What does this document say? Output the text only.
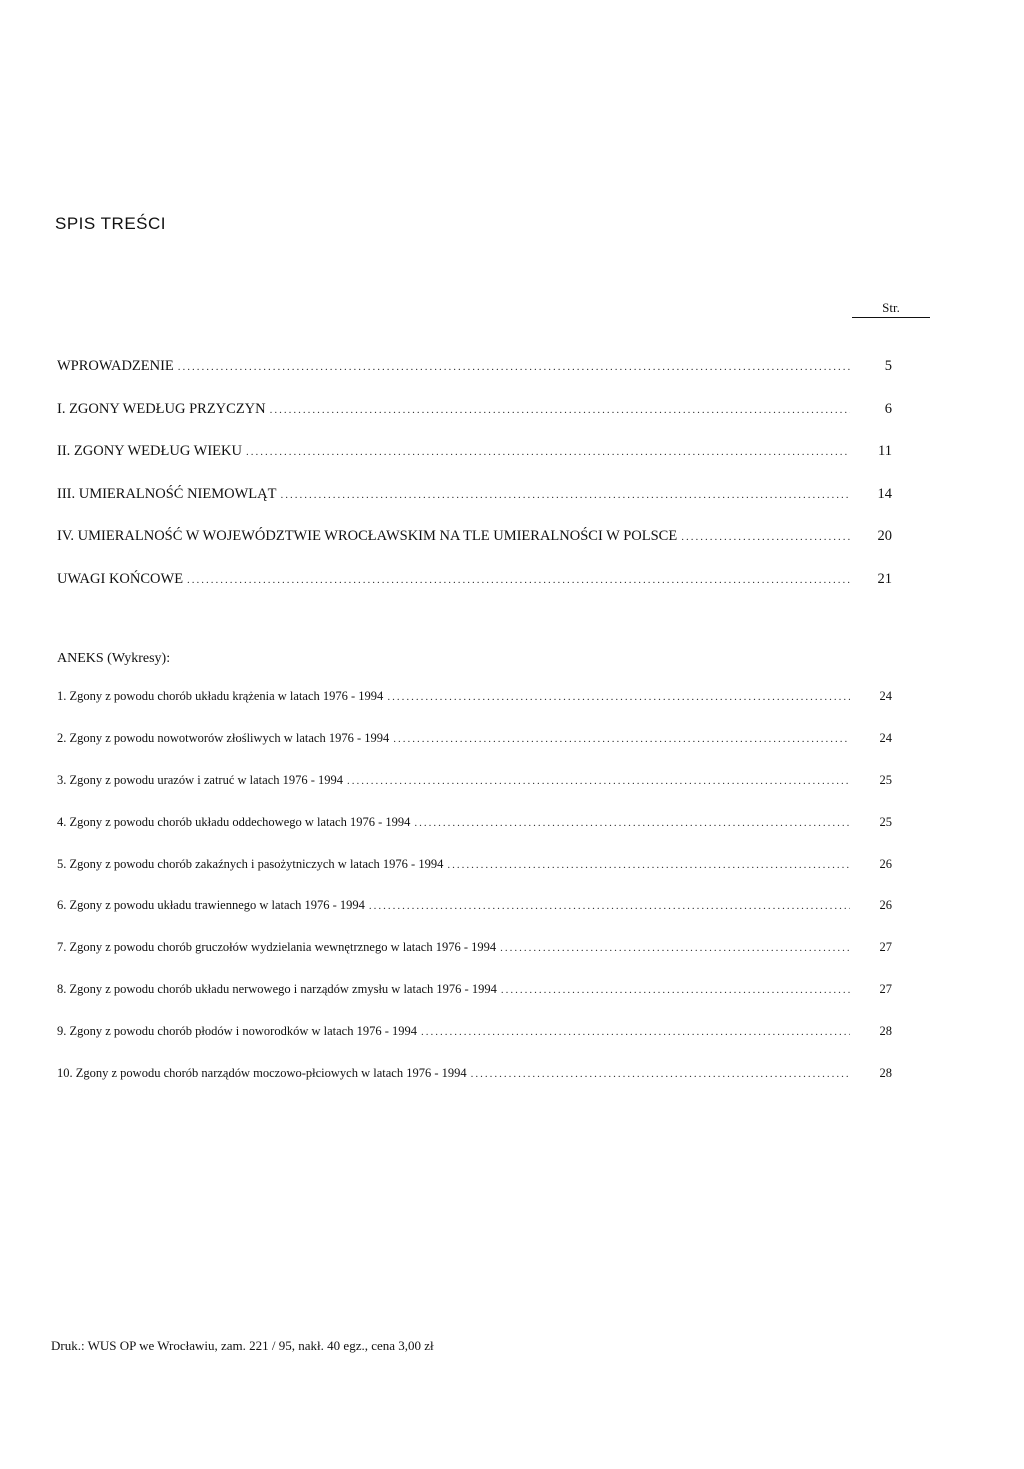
SPIS TREŚCI
Str.
WPROWADZENIE .....	5
I. ZGONY WEDŁUG PRZYCZYN .....	6
II. ZGONY WEDŁUG WIEKU .....	11
III. UMIERALNOŚĆ NIEMOWLĄT .....	14
IV. UMIERALNOŚĆ W WOJEWÓDZTWIE WROCŁAWSKIM NA TLE UMIERALNOŚCI W POLSCE .....	20
UWAGI KOŃCOWE .....	21
ANEKS (Wykresy):
1. Zgony z powodu chorób układu krążenia w latach 1976 - 1994 .....	24
2. Zgony z powodu nowotworów złośliwych w latach 1976 - 1994 .....	24
3. Zgony z powodu urazów i zatruć w latach 1976 - 1994 .....	25
4. Zgony z powodu chorób układu oddechowego w latach 1976 - 1994 .....	25
5. Zgony z powodu chorób zakaźnych i pasożytniczych w latach 1976 - 1994 .....	26
6. Zgony z powodu układu trawiennego w latach 1976 - 1994 .....	26
7. Zgony z powodu chorób gruczołów wydzielania wewnętrznego w latach 1976 - 1994 .....	27
8. Zgony z powodu chorób układu nerwowego i narządów zmysłu w latach 1976 - 1994 .....	27
9. Zgony z powodu chorób płodów i noworodków w latach 1976 - 1994 .....	28
10. Zgony z powodu chorób narządów moczowo-płciowych w latach 1976 - 1994 .....	28
Druk.: WUS OP we Wrocławiu, zam. 221 / 95, nakł. 40 egz., cena 3,00 zł
